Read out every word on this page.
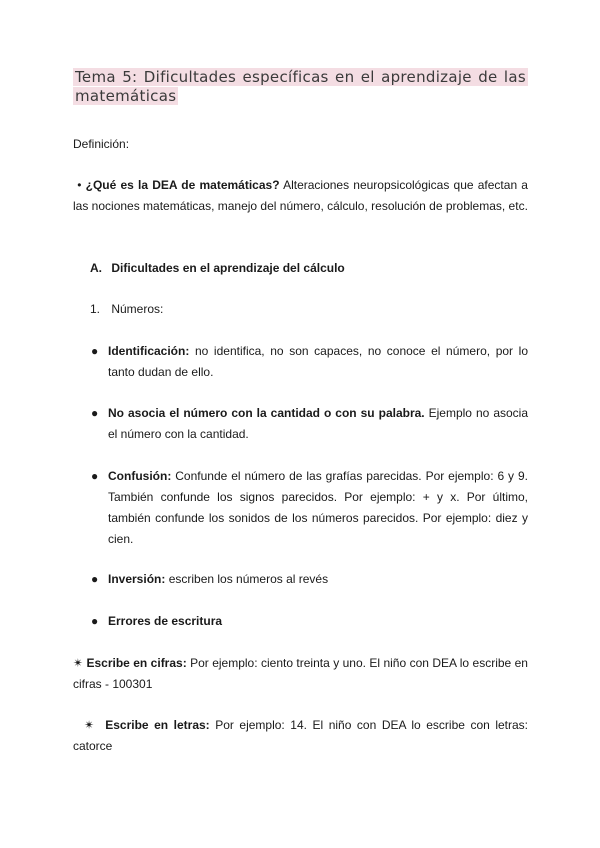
Tema 5: Dificultades específicas en el aprendizaje de las matemáticas
Definición:
• ¿Qué es la DEA de matemáticas? Alteraciones neuropsicológicas que afectan a las nociones matemáticas, manejo del número, cálculo, resolución de problemas, etc.
A. Dificultades en el aprendizaje del cálculo
1. Números:
● Identificación: no identifica, no son capaces, no conoce el número, por lo tanto dudan de ello.
● No asocia el número con la cantidad o con su palabra. Ejemplo no asocia el número con la cantidad.
● Confusión: Confunde el número de las grafías parecidas. Por ejemplo: 6 y 9. También confunde los signos parecidos. Por ejemplo: + y x. Por último, también confunde los sonidos de los números parecidos. Por ejemplo: diez y cien.
● Inversión: escriben los números al revés
● Errores de escritura
✴ Escribe en cifras: Por ejemplo: ciento treinta y uno. El niño con DEA lo escribe en cifras - 100301
✴ Escribe en letras: Por ejemplo: 14. El niño con DEA lo escribe con letras: catorce
